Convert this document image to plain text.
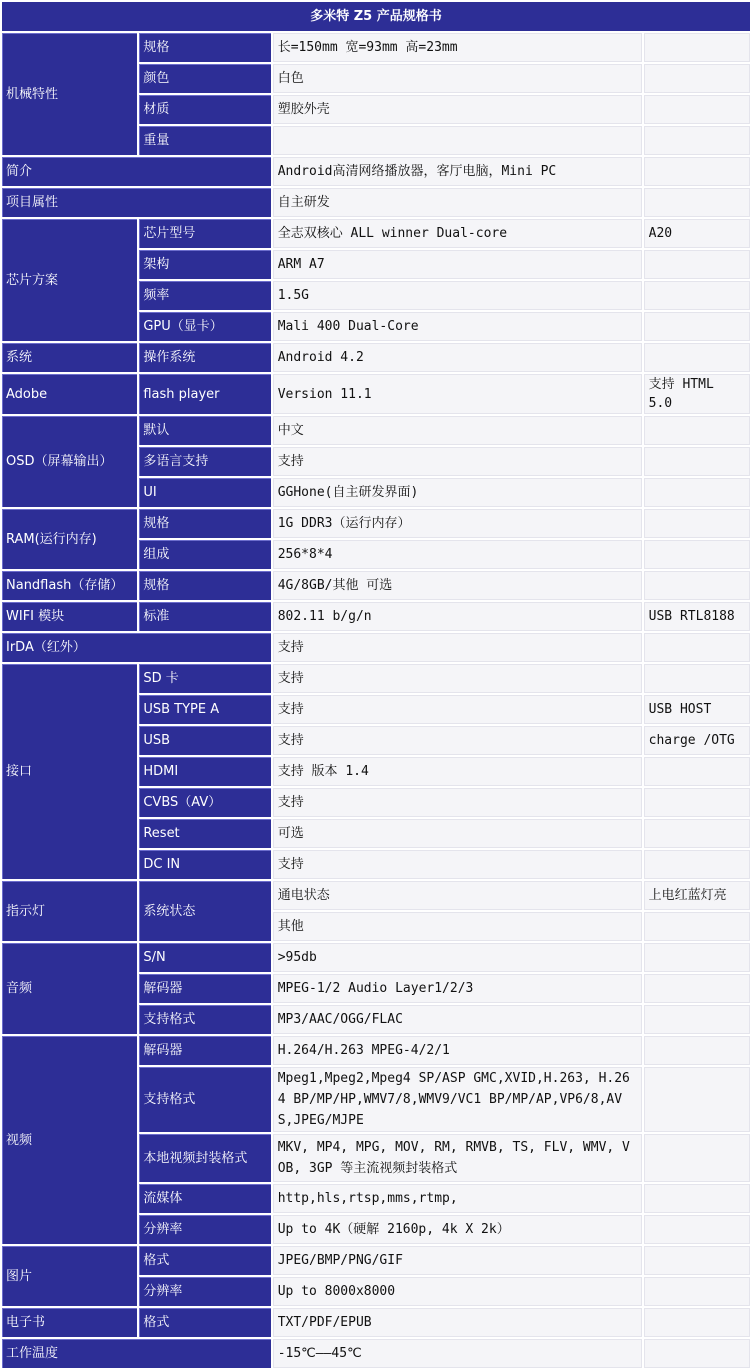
多米特 Z5 产品规格书			
机械特性	规格	长=150mm 宽=93mm 高=23mm	
	颜色	白色	
	材质	塑胶外壳	
	重量		
简介		Android高清网络播放器，客厅电脑，Mini PC	
项目属性		自主研发	
芯片方案	芯片型号	全志双核心 ALL winner Dual-core	A20
	架构	ARM A7	
	频率	1.5G	
	GPU（显卡）	Mali 400 Dual-Core	
系统	操作系统	Android 4.2	
Adobe	flash player	Version 11.1	支持 HTML 5.0
OSD（屏幕输出）	默认	中文	
	多语言支持	支持	
	UI	GGHone(自主研发界面)	
RAM(运行内存)	规格	1G DDR3（运行内存）	
	组成	256*8*4	
Nandflash（存储）	规格	4G/8GB/其他 可选	
WIFI 模块	标准	802.11 b/g/n	USB RTL8188
IrDA（红外）		支持	
接口	SD 卡	支持	
	USB TYPE A	支持	USB HOST
	USB	支持	charge /OTG
	HDMI	支持 版本 1.4	
	CVBS（AV）	支持	
	Reset	可选	
	DC IN	支持	
指示灯	系统状态	通电状态	上电红蓝灯亮
		其他	
音频	S/N	>95db	
	解码器	MPEG-1/2 Audio Layer1/2/3	
	支持格式	MP3/AAC/OGG/FLAC	
视频	解码器	H.264/H.263 MPEG-4/2/1	
	支持格式	Mpeg1,Mpeg2,Mpeg4 SP/ASP GMC,XVID,H.263, H.264 BP/MP/HP,WMV7/8,WMV9/VC1 BP/MP/AP,VP6/8,AVS,JPEG/MJPE	
	本地视频封装格式	MKV, MP4, MPG, MOV, RM, RMVB, TS, FLV, WMV, VOB, 3GP 等主流视频封装格式	
	流媒体	http,hls,rtsp,mms,rtmp,	
	分辨率	Up to 4K（硬解 2160p, 4k X 2k）	
图片	格式	JPEG/BMP/PNG/GIF	
	分辨率	Up to 8000x8000	
电子书	格式	TXT/PDF/EPUB	
工作温度		-15℃——45℃	
